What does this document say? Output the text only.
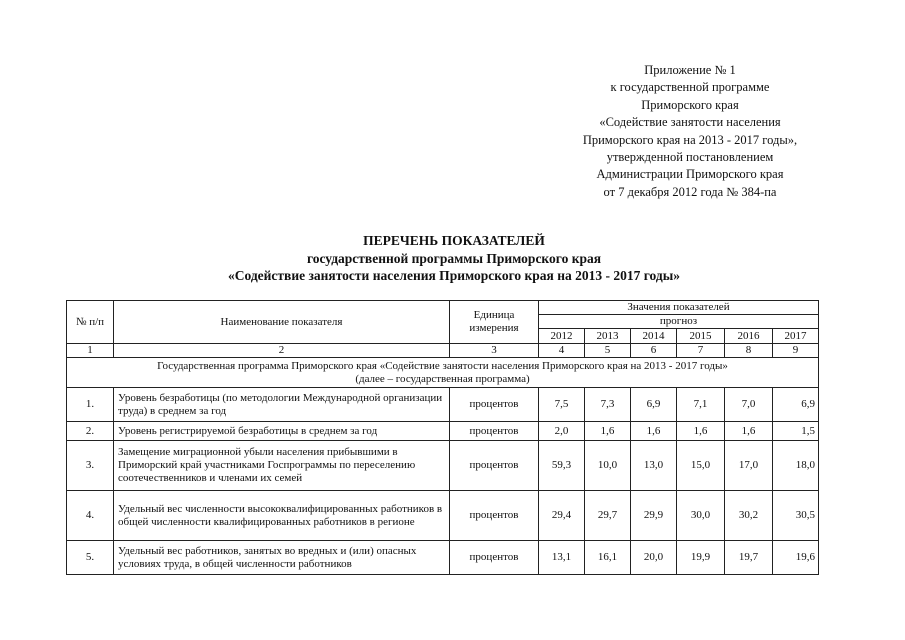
Приложение № 1
к государственной программе
Приморского края
«Содействие занятости населения
Приморского края на 2013 - 2017 годы»,
утвержденной постановлением
Администрации Приморского края
от 7 декабря 2012 года № 384-па
ПЕРЕЧЕНЬ ПОКАЗАТЕЛЕЙ
государственной программы Приморского края
«Содействие занятости населения Приморского края на 2013 - 2017 годы»
№ п/п	Наименование показателя	Единица измерения	Значения показателей					
			прогноз					
			2012	2013	2014	2015	2016	2017
1	2	3	4	5	6	7	8	9

Государственная программа Приморского края «Содействие занятости населения Приморского края на 2013 - 2017 годы»
(далее – государственная программа)								

1.	Уровень безработицы (по методологии Международной организации труда) в среднем за год	процентов	7,5	7,3	6,9	7,1	7,0	6,9
2.	Уровень регистрируемой безработицы в среднем за год	процентов	2,0	1,6	1,6	1,6	1,6	1,5
3.	Замещение миграционной убыли населения прибывшими в Приморский край участниками Госпрограммы по переселению соотечественников и членами их семей	процентов	59,3	10,0	13,0	15,0	17,0	18,0
4.	Удельный вес численности высококвалифицированных работников в общей численности квалифицированных работников в регионе	процентов	29,4	29,7	29,9	30,0	30,2	30,5
5.	Удельный вес работников, занятых во вредных и (или) опасных условиях труда, в общей численности работников	процентов	13,1	16,1	20,0	19,9	19,7	19,6
